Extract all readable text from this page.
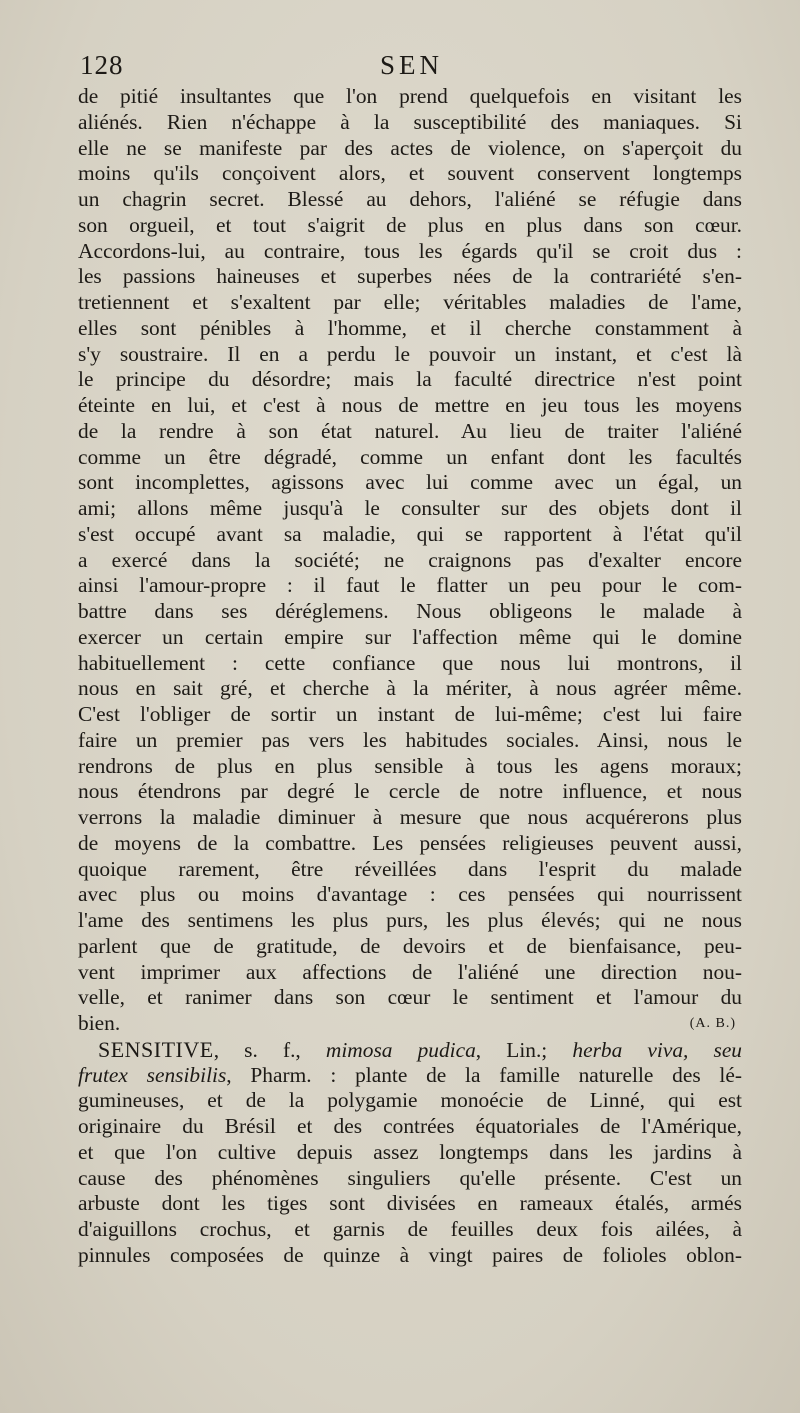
128	SEN
de pitié insultantes que l'on prend quelquefois en visitant les
aliénés. Rien n'échappe à la susceptibilité des maniaques. Si
elle ne se manifeste par des actes de violence, on s'aperçoit du
moins qu'ils conçoivent alors, et souvent conservent longtemps
un chagrin secret. Blessé au dehors, l'aliéné se réfugie dans
son orgueil, et tout s'aigrit de plus en plus dans son cœur.
Accordons-lui, au contraire, tous les égards qu'il se croit dus :
les passions haineuses et superbes nées de la contrariété s'en-
tretiennent et s'exaltent par elle; véritables maladies de l'ame,
elles sont pénibles à l'homme, et il cherche constamment à
s'y soustraire. Il en a perdu le pouvoir un instant, et c'est là
le principe du désordre; mais la faculté directrice n'est point
éteinte en lui, et c'est à nous de mettre en jeu tous les moyens
de la rendre à son état naturel. Au lieu de traiter l'aliéné
comme un être dégradé, comme un enfant dont les facultés
sont incomplettes, agissons avec lui comme avec un égal, un
ami; allons même jusqu'à le consulter sur des objets dont il
s'est occupé avant sa maladie, qui se rapportent à l'état qu'il
a exercé dans la société; ne craignons pas d'exalter encore
ainsi l'amour-propre : il faut le flatter un peu pour le com-
battre dans ses déréglemens. Nous obligeons le malade à
exercer un certain empire sur l'affection même qui le domine
habituellement : cette confiance que nous lui montrons, il
nous en sait gré, et cherche à la mériter, à nous agréer même.
C'est l'obliger de sortir un instant de lui-même; c'est lui faire
faire un premier pas vers les habitudes sociales. Ainsi, nous le
rendrons de plus en plus sensible à tous les agens moraux;
nous étendrons par degré le cercle de notre influence, et nous
verrons la maladie diminuer à mesure que nous acquérerons plus
de moyens de la combattre. Les pensées religieuses peuvent aussi,
quoique rarement, être réveillées dans l'esprit du malade
avec plus ou moins d'avantage : ces pensées qui nourrissent
l'ame des sentimens les plus purs, les plus élevés; qui ne nous
parlent que de gratitude, de devoirs et de bienfaisance, peu-
vent imprimer aux affections de l'aliéné une direction nou-
velle, et ranimer dans son cœur le sentiment et l'amour du
bien.	(A. B.)
SENSITIVE, s. f., mimosa pudica, Lin.; herba viva, seu
frutex sensibilis, Pharm. : plante de la famille naturelle des lé-
gumineuses, et de la polygamie monoécie de Linné, qui est
originaire du Brésil et des contrées équatoriales de l'Amérique,
et que l'on cultive depuis assez longtemps dans les jardins à
cause des phénomènes singuliers qu'elle présente. C'est un
arbuste dont les tiges sont divisées en rameaux étalés, armés
d'aiguillons crochus, et garnis de feuilles deux fois ailées, à
pinnules composées de quinze à vingt paires de folioles oblon-
